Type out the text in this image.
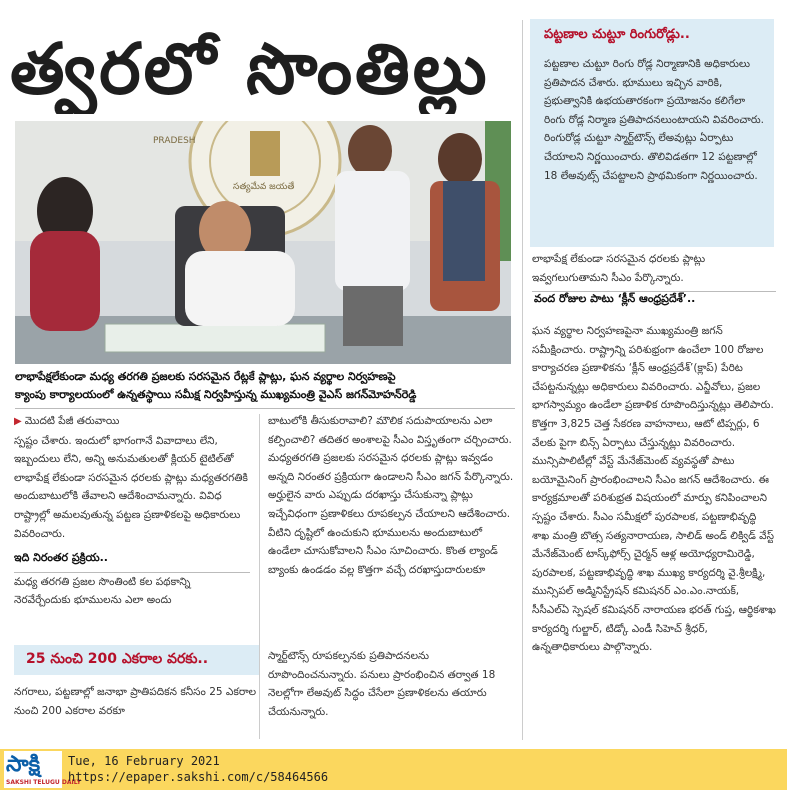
త్వరలో సొంతిల్లు
PRADESH
సత్యమేవ జయతే
లాభాపేక్షలేకుండా మధ్య తరగతి ప్రజలకు సరసమైన రేట్లకే ప్లాట్లు, ఘన వ్యర్థాల నిర్వహణపై
క్యాంపు కార్యాలయంలో ఉన్నతస్థాయి సమీక్ష నిర్వహిస్తున్న ముఖ్యమంత్రి వైఎస్‌ జగన్‌మోహన్‌రెడ్డి

▶ మొదటి పేజీ తరువాయి

స్పష్టం చేశారు. ఇందులో భాగంగానే వివాదాలు లేని, ఇబ్బందులు లేని, అన్ని అనుమతులతో క్లియర్‌ టైటిల్‌తో లాభాపేక్ష లేకుండా సరసమైన ధరలకు ప్లాట్లు మధ్యతరగతికి అందుబాటులోకి తేవాలని ఆదేశించామన్నారు. వివిధ రాష్ట్రాల్లో అమలవుతున్న పట్టణ ప్రణాళికలపై అధికారులు వివరించారు.

ఇది నిరంతర ప్రక్రియ..

మధ్య తరగతి ప్రజల సొంతింటి కల పథకాన్ని నెరవేర్చేందుకు భూములను ఎలా అందు

బాటులోకి తీసుకురావాలి? మౌలిక సదుపాయాలను ఎలా కల్పించాలి? తదితర అంశాలపై సీఎం విస్తృతంగా చర్చించారు. మధ్యతరగతి ప్రజలకు సరసమైన ధరలకు ప్లాట్లు ఇవ్వడం అన్నది నిరంతర ప్రక్రియగా ఉండాలని సీఎం జగన్‌ పేర్కొన్నారు. అర్హులైన వారు ఎప్పుడు దరఖాస్తు చేసుకున్నా ప్లాట్లు ఇచ్చేవిధంగా ప్రణాళికలు రూపకల్పన చేయాలని ఆదేశించారు. వీటిని దృష్టిలో ఉంచుకుని భూములను అందుబాటులో ఉండేలా చూసుకోవాలని సీఎం సూచించారు. కొంత ల్యాండ్‌ బ్యాంకు ఉండడం వల్ల కొత్తగా వచ్చే దరఖాస్తుదారులకూ

స్మార్ట్‌టౌన్స్‌ రూపకల్పనకు ప్రతిపాదనలను రూపొందించనున్నారు. పనులు ప్రారంభించిన తర్వాత 18 నెలల్లోగా లేఅవుట్‌ సిద్ధం చేసేలా ప్రణాళికలను తయారు చేయనున్నారు.

25 నుంచి 200 ఎకరాల వరకు..

నగరాలు, పట్టణాల్లో జనాభా ప్రాతిపదికన కనీసం 25 ఎకరాల నుంచి 200 ఎకరాల వరకూ

పట్టణాల చుట్టూ రింగురోడ్లు..

పట్టణాల చుట్టూ రింగు రోడ్ల నిర్మాణానికి అధికారులు ప్రతిపాదన చేశారు. భూములు ఇచ్చిన వారికి, ప్రభుత్వానికి ఉభయతారకంగా ప్రయోజనం కలిగేలా రింగు రోడ్ల నిర్మాణ ప్రతిపాదనలుంటాయని వివరించారు. రింగురోడ్ల చుట్టూ స్మార్ట్‌టౌన్స్‌ లేఅవుట్లు ఏర్పాటు చేయాలని నిర్ణయించారు. తొలివిడతగా 12 పట్టణాల్లో 18 లేఅవుట్స్‌ చేపట్టాలని ప్రాథమికంగా నిర్ణయించారు.

లాభాపేక్ష లేకుండా సరసమైన ధరలకు ప్లాట్లు ఇవ్వగలుగుతామని సీఎం పేర్కొన్నారు.

వంద రోజుల పాటు ‘క్లీన్‌ ఆంధ్రప్రదేశ్‌’..

ఘన వ్యర్థాల నిర్వహణపైనా ముఖ్యమంత్రి జగన్‌ సమీక్షించారు. రాష్ట్రాన్ని పరిశుభ్రంగా ఉంచేలా 100 రోజుల కార్యాచరణ ప్రణాళికను ‘క్లీన్‌ ఆంధ్రప్రదేశ్‌’(క్లాప్‌) పేరిట చేపట్టనున్నట్లు అధికారులు వివరించారు. ఎన్జీవోలు, ప్రజల భాగస్వామ్యం ఉండేలా ప్రణాళిక రూపొందిస్తున్నట్లు తెలిపారు. కొత్తగా 3,825 చెత్త సేకరణ వాహనాలు, ఆటో టిప్పర్లు, 6 వేలకు పైగా బిన్స్‌ ఏర్పాటు చేస్తున్నట్లు వివరించారు. మున్సిపాలిటీల్లో వేస్ట్‌ మేనేజ్‌మెంట్‌ వ్యవస్థతో పాటు బయోమైనింగ్‌ ప్రారంభించాలని సీఎం జగన్‌ ఆదేశించారు. ఈ కార్యక్రమాలతో పరిశుభ్రత విషయంలో మార్పు కనిపించాలని స్పష్టం చేశారు. సీఎం సమీక్షలో పురపాలక, పట్టణాభివృద్ధి శాఖ మంత్రి బొత్స సత్యనారాయణ, సాలిడ్‌ అండ్‌ లిక్విడ్‌ వేస్ట్‌ మేనేజ్‌మెంట్‌ టాస్క్‌ఫోర్స్‌ చైర్మన్‌ ఆళ్ల అయోధ్యరామిరెడ్డి, పురపాలక, పట్టణాభివృద్ధి శాఖ ముఖ్య కార్యదర్శి వై.శ్రీలక్ష్మి, మున్సిపల్‌ అడ్మినిస్ట్రేషన్‌ కమిషనర్‌ ఎం.ఎం.నాయక్, సీసీఎల్‌ఏ స్పెషల్‌ కమిషనర్‌ నారాయణ భరత్‌ గుప్త, ఆర్థికశాఖ కార్యదర్శి గుల్జార్, టిడ్కో ఎండీ సిహెచ్‌ శ్రీధర్, ఉన్నతాధికారులు పాల్గొన్నారు.

సాక్షి
SAKSHI TELUGU DAILY
Tue, 16 February 2021
https://epaper.sakshi.com/c/58464566
